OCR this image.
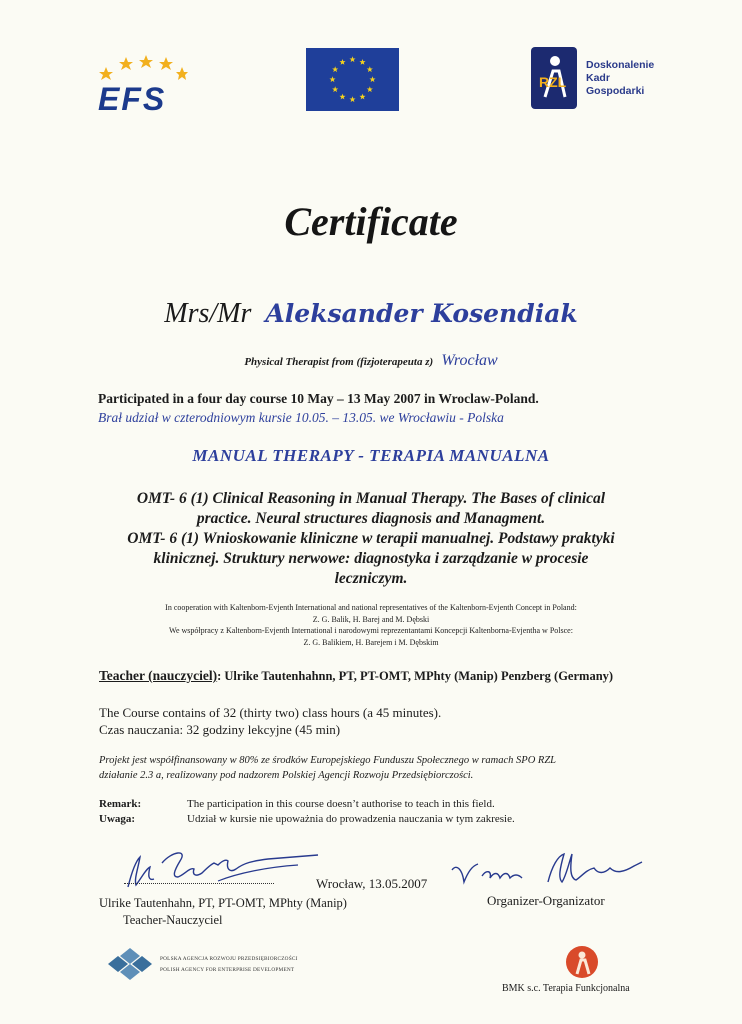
EFS	RZL
Doskonalenie
Kadr
Gospodarki
Certificate
Mrs/Mr Aleksander Kosendiak
Physical Therapist from (fizjoterapeuta z) Wrocław
Participated in a four day course 10 May – 13 May 2007 in Wroclaw-Poland.
Brał udział w czterodniowym kursie 10.05. – 13.05. we Wrocławiu - Polska
MANUAL THERAPY - TERAPIA MANUALNA
OMT- 6 (1) Clinical Reasoning in Manual Therapy. The Bases of clinical
practice. Neural structures diagnosis and Managment.
OMT- 6 (1) Wnioskowanie kliniczne w terapii manualnej. Podstawy praktyki
klinicznej. Struktury nerwowe: diagnostyka i zarządzanie w procesie
leczniczym.
In cooperation with Kaltenborn-Evjenth International and national representatives of the Kaltenborn-Evjenth Concept in Poland:
Z. G. Balik, H. Barej and M. Dębski
We współpracy z Kaltenborn-Evjenth International i narodowymi reprezentantami Koncepcji Kaltenborna-Evjentha w Polsce:
Z. G. Balikiem, H. Barejem i M. Dębskim
Teacher (nauczyciel): Ulrike Tautenhahnn, PT, PT-OMT, MPhty (Manip) Penzberg (Germany)
The Course contains of 32 (thirty two) class hours (a 45 minutes).
Czas nauczania: 32 godziny lekcyjne (45 min)
Projekt jest współfinansowany w 80% ze środków Europejskiego Funduszu Społecznego w ramach SPO RZL
działanie 2.3 a, realizowany pod nadzorem Polskiej Agencji Rozwoju Przedsiębiorczości.
Remark:	The participation in this course doesn’t authorise to teach in this field.
Uwaga:	Udział w kursie nie upoważnia do prowadzenia nauczania w tym zakresie.
Wrocław, 13.05.2007
Organizer-Organizator
Ulrike Tautenhahn, PT, PT-OMT, MPhty (Manip)
Teacher-Nauczyciel
POLSKA AGENCJA ROZWOJU PRZEDSIĘBIORCZOŚCI
POLISH AGENCY FOR ENTERPRISE DEVELOPMENT
BMK s.c. Terapia Funkcjonalna
